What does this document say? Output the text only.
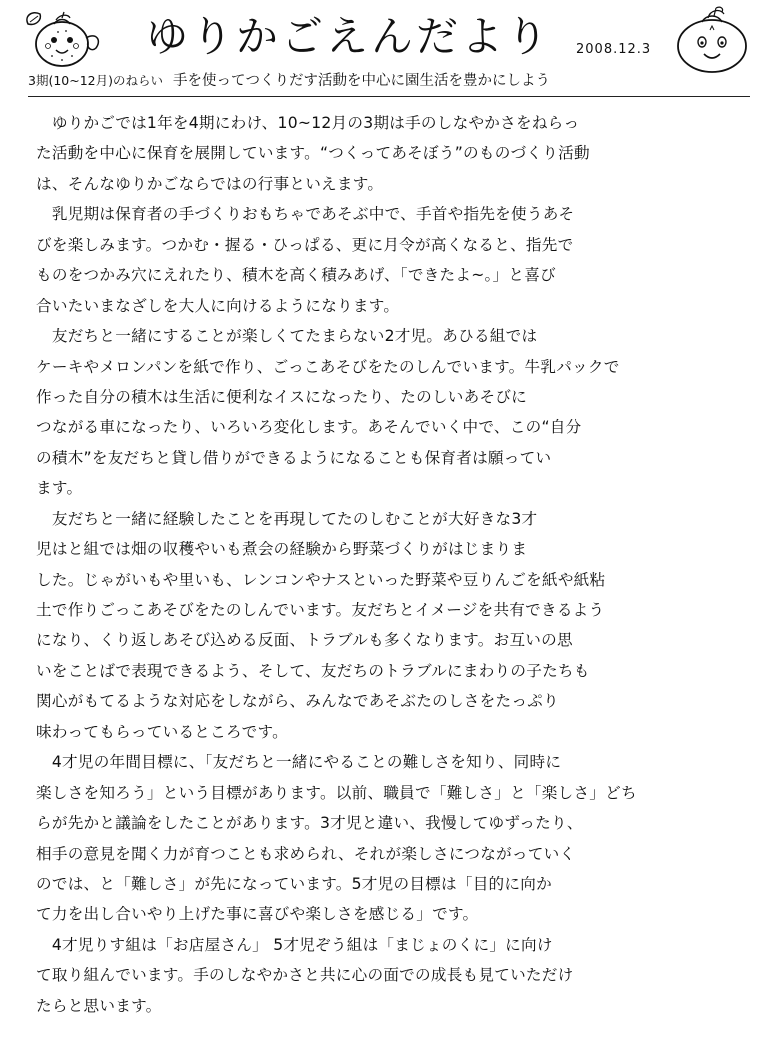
ゆりかごえんだより	2008.12.3
3期(10~12月)のねらい 手を使ってつくりだす活動を中心に園生活を豊かにしよう
　ゆりかごでは1年を4期にわけ、10~12月の3期は手のしなやかさをねらっ
た活動を中心に保育を展開しています。“つくってあそぼう”のものづくり活動
は、そんなゆりかごならではの行事といえます。
　乳児期は保育者の手づくりおもちゃであそぶ中で、手首や指先を使うあそ
びを楽しみます。つかむ・握る・ひっぱる、更に月令が高くなると、指先で
ものをつかみ穴にえれたり、積木を高く積みあげ、「できたよ~。」と喜び
合いたいまなざしを大人に向けるようになります。
　友だちと一緒にすることが楽しくてたまらない2才児。あひる組では
ケーキやメロンパンを紙で作り、ごっこあそびをたのしんでいます。牛乳パックで
作った自分の積木は生活に便利なイスになったり、たのしいあそびに
つながる車になったり、いろいろ変化します。あそんでいく中で、この“自分
の積木”を友だちと貸し借りができるようになることも保育者は願ってい
ます。
　友だちと一緒に経験したことを再現してたのしむことが大好きな3才
児はと組では畑の収穫やいも煮会の経験から野菜づくりがはじまりま
した。じゃがいもや里いも、レンコンやナスといった野菜や豆りんごを紙や紙粘
土で作りごっこあそびをたのしんでいます。友だちとイメージを共有できるよう
になり、くり返しあそび込める反面、トラブルも多くなります。お互いの思
いをことばで表現できるよう、そして、友だちのトラブルにまわりの子たちも
関心がもてるような対応をしながら、みんなであそぶたのしさをたっぷり
味わってもらっているところです。
　4才児の年間目標に、「友だちと一緒にやることの難しさを知り、同時に
楽しさを知ろう」という目標があります。以前、職員で「難しさ」と「楽しさ」どち
らが先かと議論をしたことがあります。3才児と違い、我慢してゆずったり、
相手の意見を聞く力が育つことも求められ、それが楽しさにつながっていく
のでは、と「難しさ」が先になっています。5才児の目標は「目的に向か
て力を出し合いやり上げた事に喜びや楽しさを感じる」です。
　4才児りす組は「お店屋さん」 5才児ぞう組は「まじょのくに」に向け
て取り組んでいます。手のしなやかさと共に心の面での成長も見ていただけ
たらと思います。
